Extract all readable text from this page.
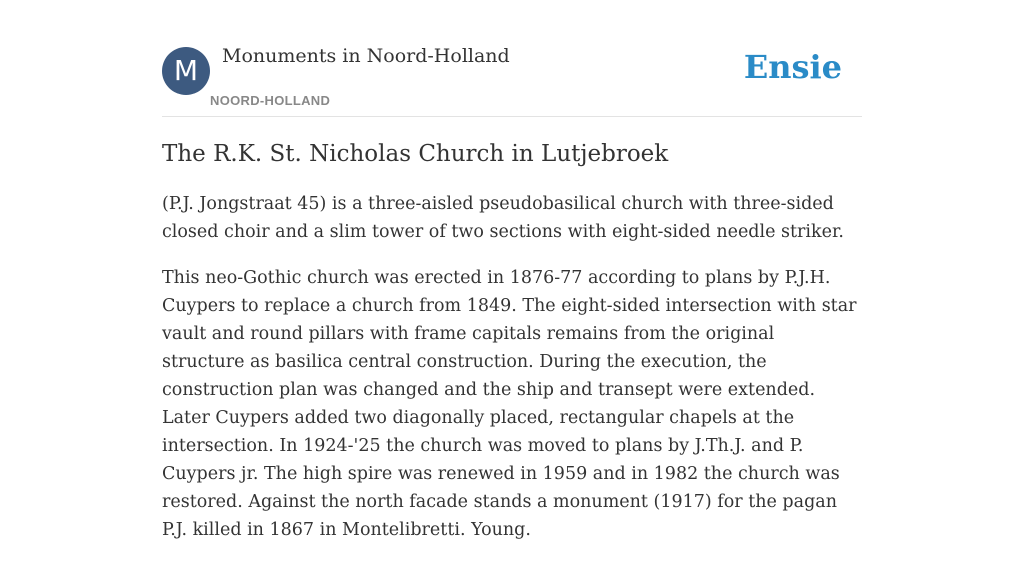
M	Monuments in Noord-Holland
NOORD-HOLLAND
Ensie
The R.K. St. Nicholas Church in Lutjebroek

(P.J. Jongstraat 45) is a three-aisled pseudobasilical church with three-sided closed choir and a slim tower of two sections with eight-sided needle striker.

This neo-Gothic church was erected in 1876-77 according to plans by P.J.H. Cuypers to replace a church from 1849. The eight-sided intersection with star vault and round pillars with frame capitals remains from the original structure as basilica central construction. During the execution, the construction plan was changed and the ship and transept were extended. Later Cuypers added two diagonally placed, rectangular chapels at the intersection. In 1924-'25 the church was moved to plans by J.Th.J. and P. Cuypers jr. The high spire was renewed in 1959 and in 1982 the church was restored. Against the north facade stands a monument (1917) for the pagan P.J. killed in 1867 in Montelibretti. Young.
